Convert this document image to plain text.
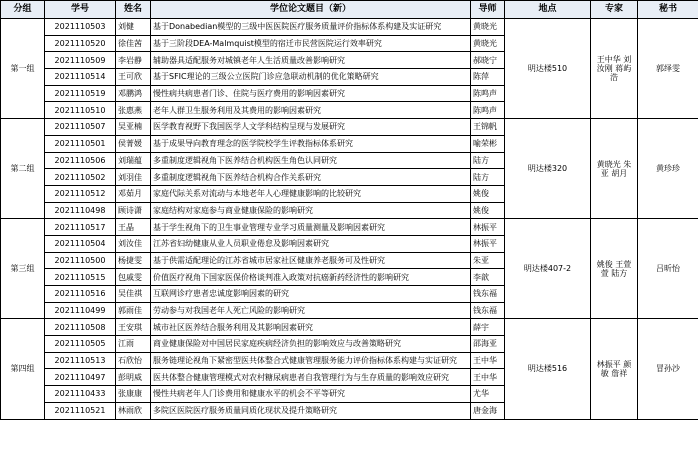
分组	学号	姓名	学位论文题目（新）	导师	地点	专家	秘书
第一组	2021110503	刘健	基于Donabedian模型的三级中医医院医疗服务质量评价指标体系构建及实证研究	黄晓光	明达楼510	王中华 刘汝刚 蒋屿浩	郭绎雯
	2021110520	徐佳茜	基于三阶段DEA-Malmquist模型的宿迁市民营医院运行效率研究	黄晓光			
	2021110509	李岩静	辅助器具适配服务对城镇老年人生活质量改善影响研究	郝晓宁			
	2021110514	王可欣	基于SFIC理论的三级公立医院门诊应急联动机制的优化策略研究	陈萍			
	2021110519	邓鹏鸿	慢性病共病患者门诊、住院与医疗费用的影响因素研究	陈鸣声			
	2021110510	张惠燕	老年人群卫生服务利用及其费用的影响因素研究	陈鸣声			
第二组	2021110507	吴亚楠	医学教育视野下我国医学人文学科结构呈现与发展研究	王锦帆	明达楼320	黄晓光 朱亚 胡月	黄珍珍
	2021110501	侯菁媛	基于成果导向教育理念的医学院校学生评教指标体系研究	喻荣彬			
	2021110506	刘瑞蕴	多重制度逻辑视角下医养结合机构医生角色认同研究	陆方			
	2021110502	刘羽佳	多重制度逻辑视角下医养结合机构合作关系研究	陆方			
	2021110512	邓茹月	家庭代际关系对流动与本地老年人心理健康影响的比较研究	姚俊			
	2021110498	顾诗潇	家庭结构对家庭参与商业健康保险的影响研究	姚俊			
第三组	2021110517	王晶	基于学生视角下的卫生事业管理专业学习质量测量及影响因素研究	林振平	明达楼407-2	姚俊 王萱萱 陆方	吕昕怡
	2021110504	刘汝佳	江苏省妇幼健康从业人员职业倦怠及影响因素研究	林振平			
	2021110500	杨捷雯	基于供需适配理论的江苏省城市居家社区健康养老服务可及性研究	朱亚			
	2021110515	包戚雯	价值医疗视角下国家医保价格谈判准入政策对抗癌新药经济性的影响研究	李歆			
	2021110516	吴佳祺	互联网诊疗患者忠诚度影响因素的研究	钱东福			
	2021110499	郭雨佳	劳动参与对我国老年人死亡风险的影响研究	钱东福			
第四组	2021110508	王安琪	城市社区医养结合服务利用及其影响因素研究	薛宇	明达楼516	林振平 颜敏 詹祥	冒孙沙
	2021110505	江雨	商业健康保险对中国居民家庭疾病经济负担的影响效应与改善策略研究	邵海亚			
	2021110513	石欣怡	服务链理论视角下紧密型医共体整合式健康管理服务能力评价指标体系构建与实证研究	王中华			
	2021110497	彭明威	医共体整合健康管理模式对农村糖尿病患者自我管理行为与生存质量的影响效应研究	王中华			
	2021110433	张康康	慢性共病老年人门诊费用和健康水平的机会不平等研究	尤华			
	2021110521	林雨欣	多院区医院医疗服务质量同质化现状及提升策略研究	唐金海			
